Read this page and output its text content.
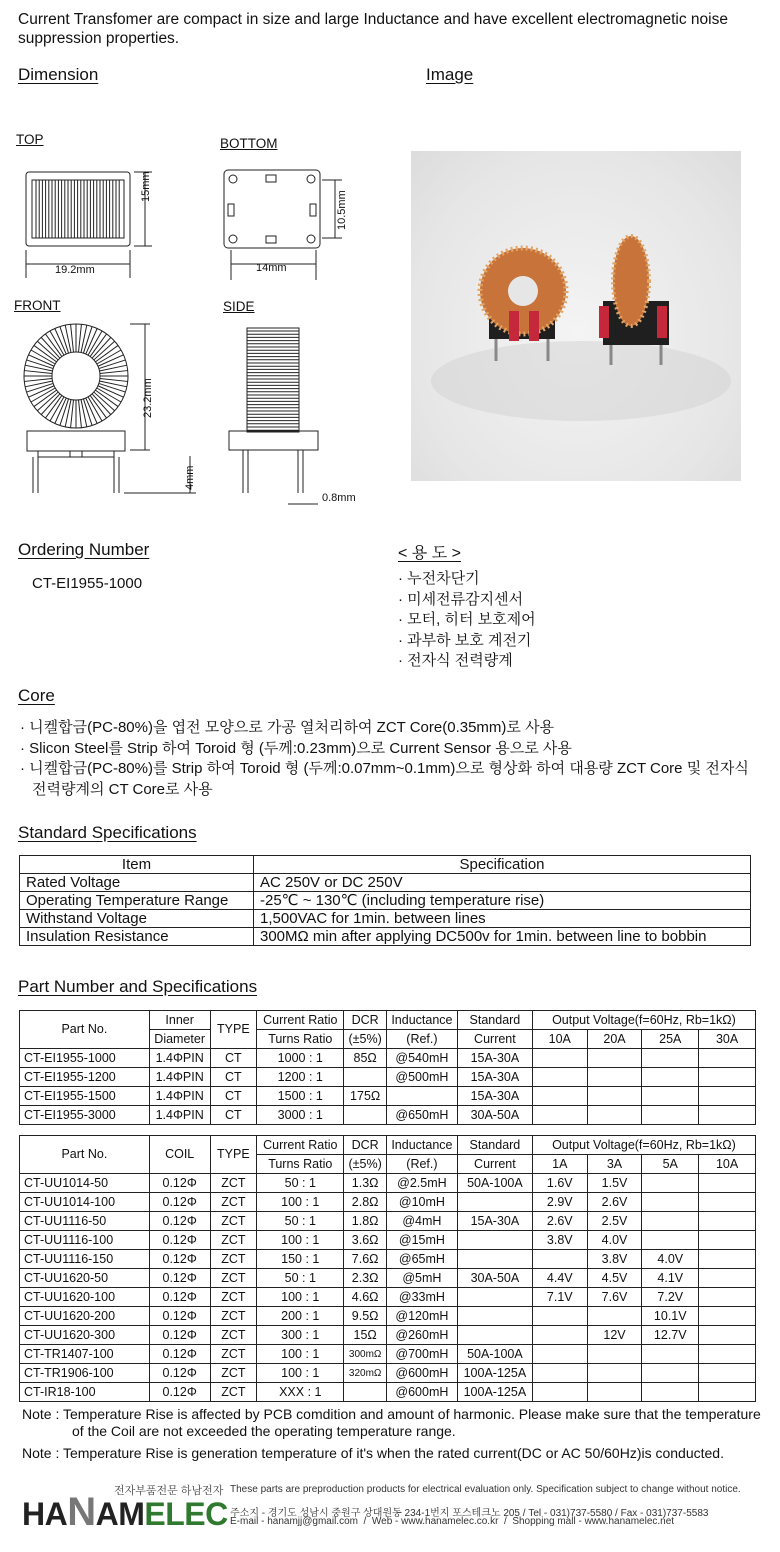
Current Transfomer are compact in size and large Inductance and have excellent electromagnetic noise suppression properties.
Dimension	Image
TOP	BOTTOM
FRONT	SIDE
19.2mm
15mm
14mm
10.5mm
23.2mm
4mm
0.8mm
Ordering Number
CT-EI1955-1000
< 용 도 >
· 누전차단기
· 미세전류감지센서
· 모터, 히터 보호제어
· 과부하 보호 계전기
· 전자식 전력량계
Core
· 니켈합금(PC-80%)을 엽전 모양으로 가공 열처리하여 ZCT Core(0.35mm)로 사용
· Slicon Steel를 Strip 하여 Toroid 형 (두께:0.23mm)으로 Current Sensor 용으로 사용
· 니켈합금(PC-80%)를 Strip 하여 Toroid 형 (두께:0.07mm~0.1mm)으로 형상화 하여 대용량 ZCT Core 및 전자식 전력량계의 CT Core로 사용
Standard Specifications
Item	Specification
Rated Voltage	AC 250V or DC 250V
Operating Temperature Range	-25℃ ~ 130℃ (including temperature rise)
Withstand Voltage	1,500VAC for 1min. between lines
Insulation Resistance	300MΩ min after applying DC500v for 1min. between line to bobbin
Part Number and Specifications
Part No.	Inner	TYPE	Current Ratio	DCR	Inductance	Standard	Output Voltage(f=60Hz, Rb=1kΩ)			
	Diameter		Turns Ratio	(±5%)	(Ref.)	Current	10A	20A	25A	30A
CT-EI1955-1000	1.4ΦPIN	CT	1000 : 1	85Ω	@540mH	15A-30A				
CT-EI1955-1200	1.4ΦPIN	CT	1200 : 1		@500mH	15A-30A				
CT-EI1955-1500	1.4ΦPIN	CT	1500 : 1	175Ω		15A-30A				
CT-EI1955-3000	1.4ΦPIN	CT	3000 : 1		@650mH	30A-50A				
Part No.	COIL	TYPE	Current Ratio	DCR	Inductance	Standard	Output Voltage(f=60Hz, Rb=1kΩ)			
			Turns Ratio	(±5%)	(Ref.)	Current	1A	3A	5A	10A
CT-UU1014-50	0.12Φ	ZCT	50 : 1	1.3Ω	@2.5mH	50A-100A	1.6V	1.5V		
CT-UU1014-100	0.12Φ	ZCT	100 : 1	2.8Ω	@10mH		2.9V	2.6V		
CT-UU1116-50	0.12Φ	ZCT	50 : 1	1.8Ω	@4mH	15A-30A	2.6V	2.5V		
CT-UU1116-100	0.12Φ	ZCT	100 : 1	3.6Ω	@15mH		3.8V	4.0V		
CT-UU1116-150	0.12Φ	ZCT	150 : 1	7.6Ω	@65mH			3.8V	4.0V	
CT-UU1620-50	0.12Φ	ZCT	50 : 1	2.3Ω	@5mH	30A-50A	4.4V	4.5V	4.1V	
CT-UU1620-100	0.12Φ	ZCT	100 : 1	4.6Ω	@33mH		7.1V	7.6V	7.2V	
CT-UU1620-200	0.12Φ	ZCT	200 : 1	9.5Ω	@120mH				10.1V	
CT-UU1620-300	0.12Φ	ZCT	300 : 1	15Ω	@260mH			12V	12.7V	
CT-TR1407-100	0.12Φ	ZCT	100 : 1	300mΩ	@700mH	50A-100A				
CT-TR1906-100	0.12Φ	ZCT	100 : 1	320mΩ	@600mH	100A-125A				
CT-IR18-100	0.12Φ	ZCT	XXX : 1		@600mH	100A-125A				
Note : Temperature Rise is affected by PCB comdition and amount of harmonic. Please make sure that the temperature of the Coil are not exceeded the operating temperature range.
Note : Temperature Rise is generation temperature of it's when the rated current(DC or AC 50/60Hz)is conducted.
전자부품전문 하남전자
HANAMELEC
These parts are preproduction products for electrical evaluation only. Specification subject to change without notice.
주소지 - 경기도 성남시 중원구 상대원동 234-1번지 포스테크노 205 / Tel - 031)737-5580 / Fax - 031)737-5583
E-mail - hanamjj@gmail.com  /  Web - www.hanamelec.co.kr  /  Shopping mall - www.hanamelec.net
